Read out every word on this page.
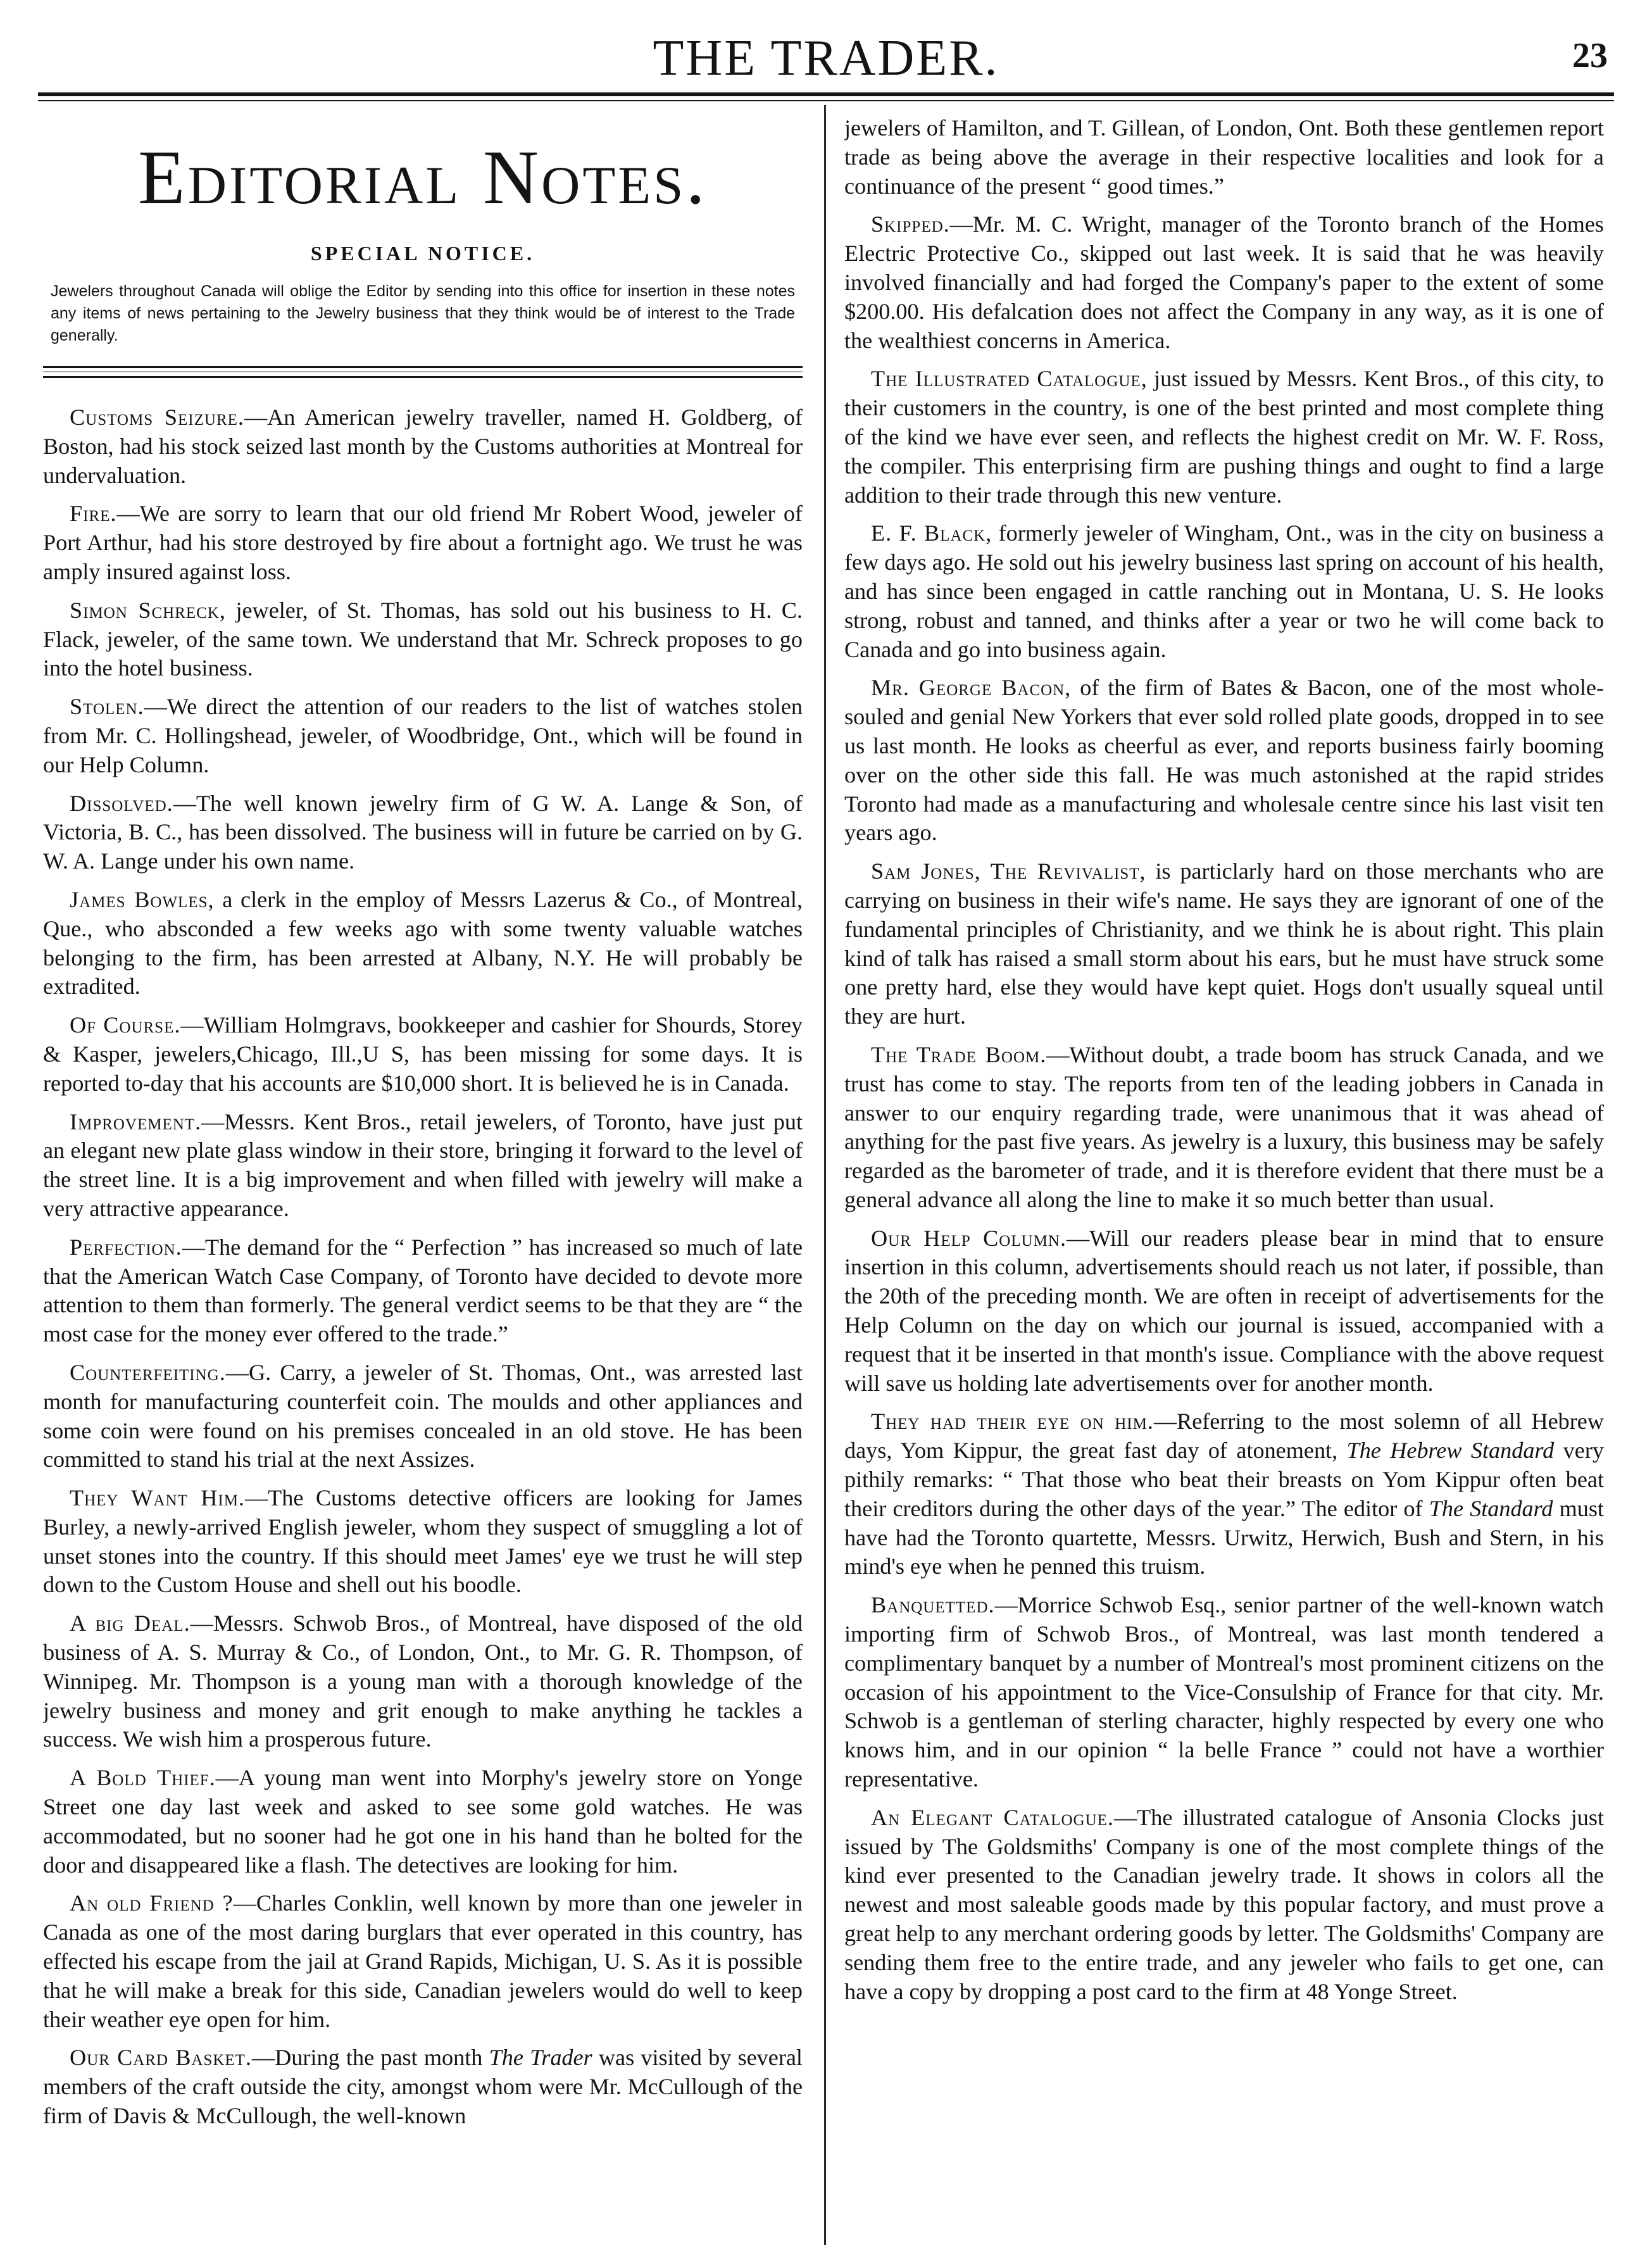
THE TRADER.	23
Editorial Notes.
SPECIAL NOTICE.
Jewelers throughout Canada will oblige the Editor by sending into this office for insertion in these notes any items of news pertaining to the Jewelry business that they think would be of interest to the Trade generally.

Customs Seizure.—An American jewelry traveller, named H. Goldberg, of Boston, had his stock seized last month by the Customs authorities at Montreal for undervaluation.

Fire.—We are sorry to learn that our old friend Mr Robert Wood, jeweler of Port Arthur, had his store destroyed by fire about a fortnight ago. We trust he was amply insured against loss.

Simon Schreck, jeweler, of St. Thomas, has sold out his business to H. C. Flack, jeweler, of the same town. We understand that Mr. Schreck proposes to go into the hotel business.

Stolen.—We direct the attention of our readers to the list of watches stolen from Mr. C. Hollingshead, jeweler, of Woodbridge, Ont., which will be found in our Help Column.

Dissolved.—The well known jewelry firm of G W. A. Lange & Son, of Victoria, B. C., has been dissolved. The business will in future be carried on by G. W. A. Lange under his own name.

James Bowles, a clerk in the employ of Messrs Lazerus & Co., of Montreal, Que., who absconded a few weeks ago with some twenty valuable watches belonging to the firm, has been arrested at Albany, N.Y. He will probably be extradited.

Of Course.—William Holmgravs, bookkeeper and cashier for Shourds, Storey & Kasper, jewelers,Chicago, Ill.,U S, has been missing for some days. It is reported to-day that his accounts are $10,000 short. It is believed he is in Canada.

Improvement.—Messrs. Kent Bros., retail jewelers, of Toronto, have just put an elegant new plate glass window in their store, bringing it forward to the level of the street line. It is a big improvement and when filled with jewelry will make a very attractive appearance.

Perfection.—The demand for the “ Perfection ” has increased so much of late that the American Watch Case Company, of Toronto have decided to devote more attention to them than formerly. The general verdict seems to be that they are “ the most case for the money ever offered to the trade.”

Counterfeiting.—G. Carry, a jeweler of St. Thomas, Ont., was arrested last month for manufacturing counterfeit coin. The moulds and other appliances and some coin were found on his premises concealed in an old stove. He has been committed to stand his trial at the next Assizes.

They Want Him.—The Customs detective officers are looking for James Burley, a newly-arrived English jeweler, whom they suspect of smuggling a lot of unset stones into the country. If this should meet James' eye we trust he will step down to the Custom House and shell out his boodle.

A big Deal.—Messrs. Schwob Bros., of Montreal, have disposed of the old business of A. S. Murray & Co., of London, Ont., to Mr. G. R. Thompson, of Winnipeg. Mr. Thompson is a young man with a thorough knowledge of the jewelry business and money and grit enough to make anything he tackles a success. We wish him a prosperous future.

A Bold Thief.—A young man went into Morphy's jewelry store on Yonge Street one day last week and asked to see some gold watches. He was accommodated, but no sooner had he got one in his hand than he bolted for the door and disappeared like a flash. The detectives are looking for him.

An old Friend ?—Charles Conklin, well known by more than one jeweler in Canada as one of the most daring burglars that ever operated in this country, has effected his escape from the jail at Grand Rapids, Michigan, U. S. As it is possible that he will make a break for this side, Canadian jewelers would do well to keep their weather eye open for him.

Our Card Basket.—During the past month The Trader was visited by several members of the craft outside the city, amongst whom were Mr. McCullough of the firm of Davis & McCullough, the well-known

jewelers of Hamilton, and T. Gillean, of London, Ont. Both these gentlemen report trade as being above the average in their respective localities and look for a continuance of the present “ good times.”

Skipped.—Mr. M. C. Wright, manager of the Toronto branch of the Homes Electric Protective Co., skipped out last week. It is said that he was heavily involved financially and had forged the Company's paper to the extent of some $200.00. His defalcation does not affect the Company in any way, as it is one of the wealthiest concerns in America.

The Illustrated Catalogue, just issued by Messrs. Kent Bros., of this city, to their customers in the country, is one of the best printed and most complete thing of the kind we have ever seen, and reflects the highest credit on Mr. W. F. Ross, the compiler. This enterprising firm are pushing things and ought to find a large addition to their trade through this new venture.

E. F. Black, formerly jeweler of Wingham, Ont., was in the city on business a few days ago. He sold out his jewelry business last spring on account of his health, and has since been engaged in cattle ranching out in Montana, U. S. He looks strong, robust and tanned, and thinks after a year or two he will come back to Canada and go into business again.

Mr. George Bacon, of the firm of Bates & Bacon, one of the most whole-souled and genial New Yorkers that ever sold rolled plate goods, dropped in to see us last month. He looks as cheerful as ever, and reports business fairly booming over on the other side this fall. He was much astonished at the rapid strides Toronto had made as a manufacturing and wholesale centre since his last visit ten years ago.

Sam Jones, The Revivalist, is particlarly hard on those merchants who are carrying on business in their wife's name. He says they are ignorant of one of the fundamental principles of Christianity, and we think he is about right. This plain kind of talk has raised a small storm about his ears, but he must have struck some one pretty hard, else they would have kept quiet. Hogs don't usually squeal until they are hurt.

The Trade Boom.—Without doubt, a trade boom has struck Canada, and we trust has come to stay. The reports from ten of the leading jobbers in Canada in answer to our enquiry regarding trade, were unanimous that it was ahead of anything for the past five years. As jewelry is a luxury, this business may be safely regarded as the barometer of trade, and it is therefore evident that there must be a general advance all along the line to make it so much better than usual.

Our Help Column.—Will our readers please bear in mind that to ensure insertion in this column, advertisements should reach us not later, if possible, than the 20th of the preceding month. We are often in receipt of advertisements for the Help Column on the day on which our journal is issued, accompanied with a request that it be inserted in that month's issue. Compliance with the above request will save us holding late advertisements over for another month.

They had their eye on him.—Referring to the most solemn of all Hebrew days, Yom Kippur, the great fast day of atonement, The Hebrew Standard very pithily remarks: “ That those who beat their breasts on Yom Kippur often beat their creditors during the other days of the year.” The editor of The Standard must have had the Toronto quartette, Messrs. Urwitz, Herwich, Bush and Stern, in his mind's eye when he penned this truism.

Banquetted.—Morrice Schwob Esq., senior partner of the well-known watch importing firm of Schwob Bros., of Montreal, was last month tendered a complimentary banquet by a number of Montreal's most prominent citizens on the occasion of his appointment to the Vice-Consulship of France for that city. Mr. Schwob is a gentleman of sterling character, highly respected by every one who knows him, and in our opinion “ la belle France ” could not have a worthier representative.

An Elegant Catalogue.—The illustrated catalogue of Ansonia Clocks just issued by The Goldsmiths' Company is one of the most complete things of the kind ever presented to the Canadian jewelry trade. It shows in colors all the newest and most saleable goods made by this popular factory, and must prove a great help to any merchant ordering goods by letter. The Goldsmiths' Company are sending them free to the entire trade, and any jeweler who fails to get one, can have a copy by dropping a post card to the firm at 48 Yonge Street.
